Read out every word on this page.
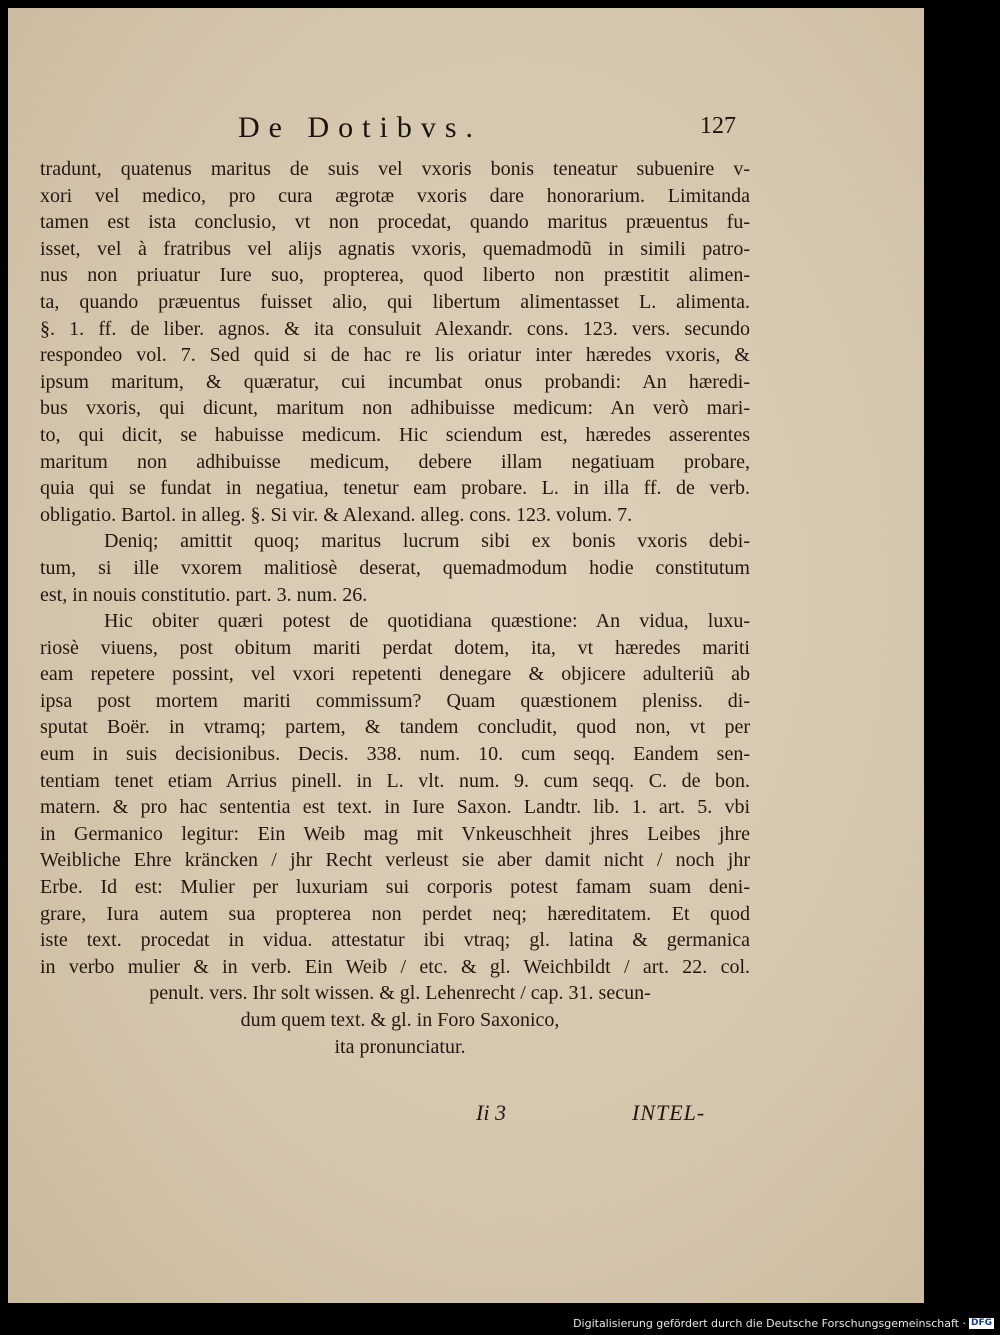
De Dotibvs.	127
tradunt, quatenus maritus de suis vel vxoris bonis teneatur subuenire v-
xori vel medico, pro cura ægrotæ vxoris dare honorarium. Limitanda
tamen est ista conclusio, vt non procedat, quando maritus præuentus fu-
isset, vel à fratribus vel alijs agnatis vxoris, quemadmodũ in simili patro-
nus non priuatur Iure suo, propterea, quod liberto non præstitit alimen-
ta, quando præuentus fuisset alio, qui libertum alimentasset L. alimenta.
§. 1. ff. de liber. agnos. & ita consuluit Alexandr. cons. 123. vers. secundo
respondeo vol. 7. Sed quid si de hac re lis oriatur inter hæredes vxoris, &
ipsum maritum, & quæratur, cui incumbat onus probandi: An hæredi-
bus vxoris, qui dicunt, maritum non adhibuisse medicum: An verò mari-
to, qui dicit, se habuisse medicum. Hic sciendum est, hæredes asserentes
maritum non adhibuisse medicum, debere illam negatiuam probare,
quia qui se fundat in negatiua, tenetur eam probare. L. in illa ff. de verb.
obligatio. Bartol. in alleg. §. Si vir. & Alexand. alleg. cons. 123. volum. 7.
Deniq; amittit quoq; maritus lucrum sibi ex bonis vxoris debi-
tum, si ille vxorem malitiosè deserat, quemadmodum hodie constitutum
est, in nouis constitutio. part. 3. num. 26.
Hic obiter quæri potest de quotidiana quæstione: An vidua, luxu-
riosè viuens, post obitum mariti perdat dotem, ita, vt hæredes mariti
eam repetere possint, vel vxori repetenti denegare & objicere adulteriũ ab
ipsa post mortem mariti commissum? Quam quæstionem pleniss. di-
sputat Boër. in vtramq; partem, & tandem concludit, quod non, vt per
eum in suis decisionibus. Decis. 338. num. 10. cum seqq. Eandem sen-
tentiam tenet etiam Arrius pinell. in L. vlt. num. 9. cum seqq. C. de bon.
matern. & pro hac sententia est text. in Iure Saxon. Landtr. lib. 1. art. 5. vbi
in Germanico legitur: Ein Weib mag mit Vnkeuschheit jhres Leibes jhre
Weibliche Ehre kräncken / jhr Recht verleust sie aber damit nicht / noch jhr
Erbe. Id est: Mulier per luxuriam sui corporis potest famam suam deni-
grare, Iura autem sua propterea non perdet neq; hæreditatem. Et quod
iste text. procedat in vidua. attestatur ibi vtraq; gl. latina & germanica
in verbo mulier & in verb. Ein Weib / etc. & gl. Weichbildt / art. 22. col.
penult. vers. Ihr solt wissen. & gl. Lehenrecht / cap. 31. secun-
dum quem text. & gl. in Foro Saxonico,
ita pronunciatur.
Ii 3	INTEL-
Digitalisierung gefördert durch die Deutsche Forschungsgemeinschaft · DFG
